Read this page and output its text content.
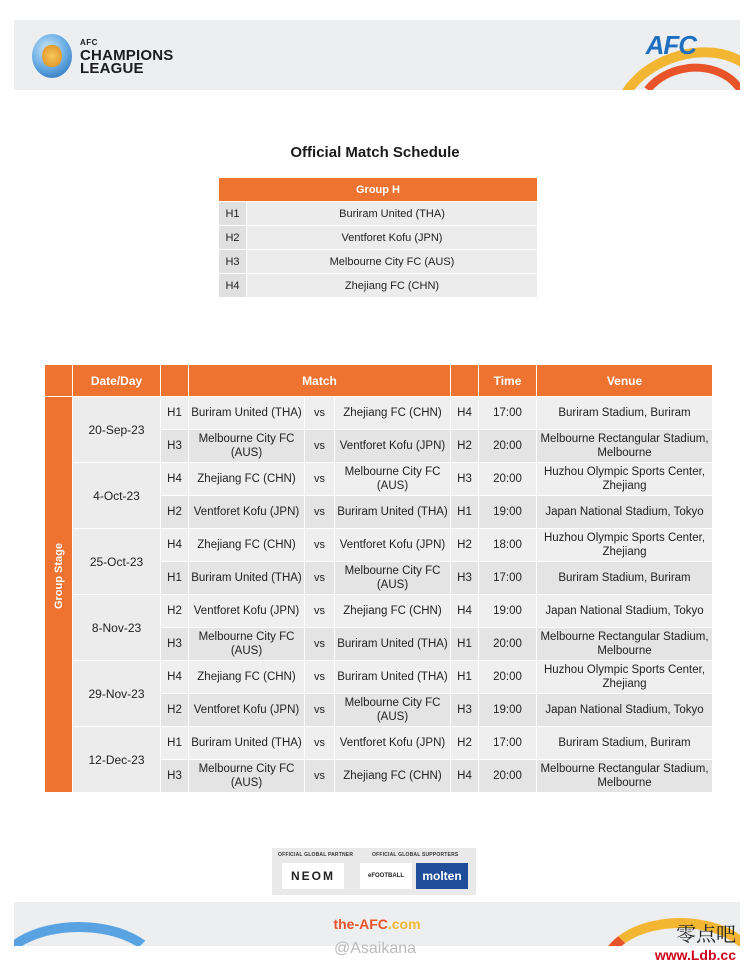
AFC
CHAMPIONS
LEAGUE
AFC
Official Match Schedule
Group H	
H1	Buriram United (THA)
H2	Ventforet Kofu (JPN)
H3	Melbourne City FC (AUS)
H4	Zhejiang FC (CHN)
	Date/Day		Match				Time	Venue

Group Stage	20-Sep-23	H1	Buriram United (THA)	vs	Zhejiang FC (CHN)	H4	17:00	Buriram Stadium, Buriram
		H3	Melbourne City FC (AUS)	vs	Ventforet Kofu (JPN)	H2	20:00	Melbourne Rectangular Stadium, Melbourne
	4-Oct-23	H4	Zhejiang FC (CHN)	vs	Melbourne City FC (AUS)	H3	20:00	Huzhou Olympic Sports Center, Zhejiang
		H2	Ventforet Kofu (JPN)	vs	Buriram United (THA)	H1	19:00	Japan National Stadium, Tokyo
	25-Oct-23	H4	Zhejiang FC (CHN)	vs	Ventforet Kofu (JPN)	H2	18:00	Huzhou Olympic Sports Center, Zhejiang
		H1	Buriram United (THA)	vs	Melbourne City FC (AUS)	H3	17:00	Buriram Stadium, Buriram
	8-Nov-23	H2	Ventforet Kofu (JPN)	vs	Zhejiang FC (CHN)	H4	19:00	Japan National Stadium, Tokyo
		H3	Melbourne City FC (AUS)	vs	Buriram United (THA)	H1	20:00	Melbourne Rectangular Stadium, Melbourne
	29-Nov-23	H4	Zhejiang FC (CHN)	vs	Buriram United (THA)	H1	20:00	Huzhou Olympic Sports Center, Zhejiang
		H2	Ventforet Kofu (JPN)	vs	Melbourne City FC (AUS)	H3	19:00	Japan National Stadium, Tokyo
	12-Dec-23	H1	Buriram United (THA)	vs	Ventforet Kofu (JPN)	H2	17:00	Buriram Stadium, Buriram
		H3	Melbourne City FC (AUS)	vs	Zhejiang FC (CHN)	H4	20:00	Melbourne Rectangular Stadium, Melbourne
OFFICIAL GLOBAL PARTNER	OFFICIAL GLOBAL SUPPORTERS
NEOM	eFOOTBALL	molten
the-AFC.com
@Asaikana
零点吧
www.Ldb.cc
